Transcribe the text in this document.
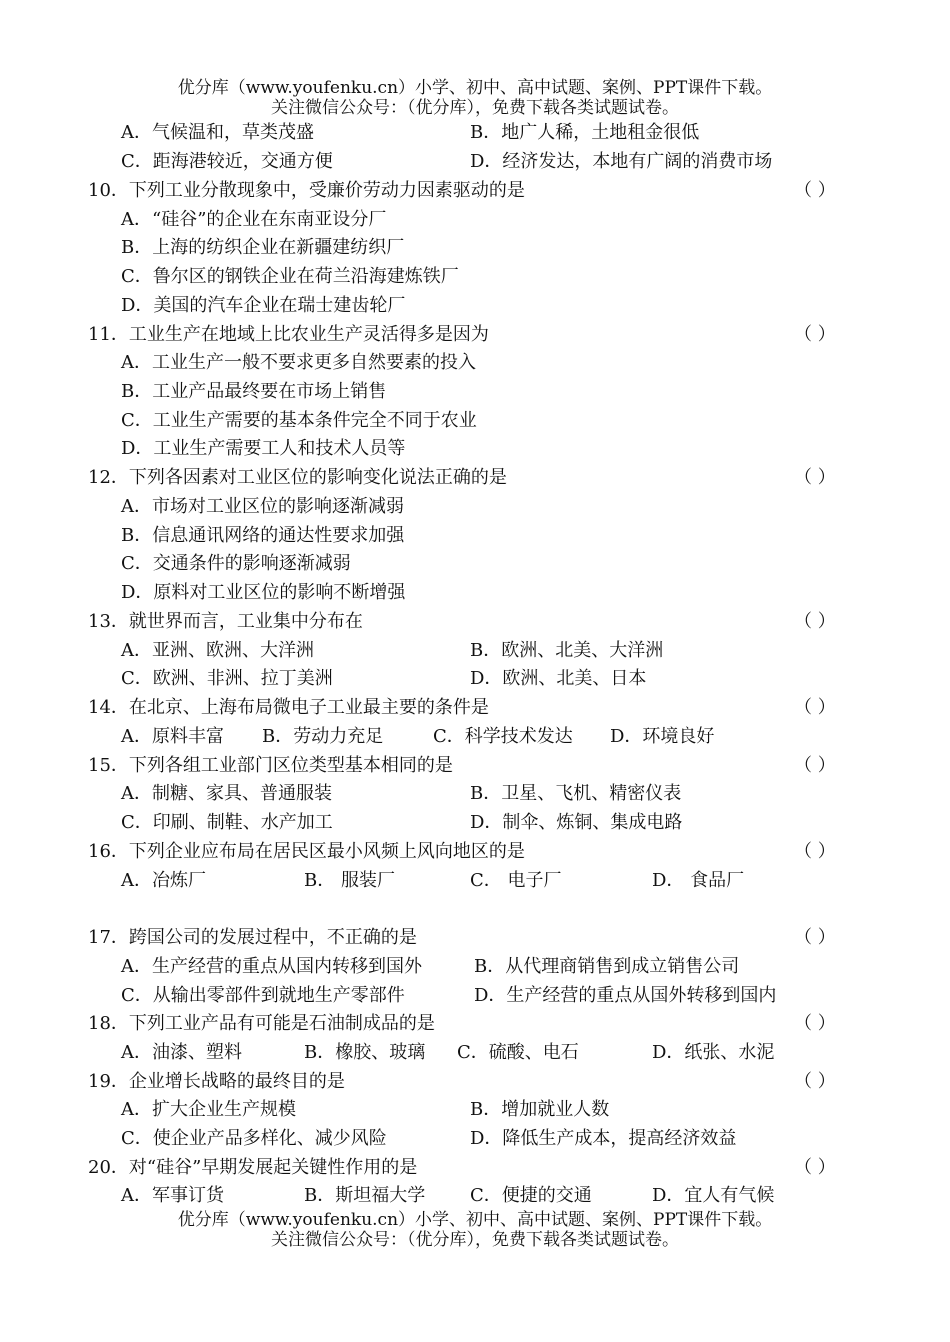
优分库（www.youfenku.cn）小学、初中、高中试题、案例、PPT课件下载。
关注微信公众号：（优分库），免费下载各类试题试卷。
A．气候温和，草类茂盛	B．地广人稀，土地租金很低
C．距海港较近，交通方便	D．经济发达，本地有广阔的消费市场
10．下列工业分散现象中，受廉价劳动力因素驱动的是	（ ）
A．“硅谷”的企业在东南亚设分厂
B．上海的纺织企业在新疆建纺织厂
C．鲁尔区的钢铁企业在荷兰沿海建炼铁厂
D．美国的汽车企业在瑞士建齿轮厂
11．工业生产在地域上比农业生产灵活得多是因为	（ ）
A．工业生产一般不要求更多自然要素的投入
B．工业产品最终要在市场上销售
C．工业生产需要的基本条件完全不同于农业
D．工业生产需要工人和技术人员等
12．下列各因素对工业区位的影响变化说法正确的是	（ ）
A．市场对工业区位的影响逐渐减弱
B．信息通讯网络的通达性要求加强
C．交通条件的影响逐渐减弱
D．原料对工业区位的影响不断增强
13．就世界而言，工业集中分布在	（ ）
A．亚洲、欧洲、大洋洲	B．欧洲、北美、大洋洲
C．欧洲、非洲、拉丁美洲	D．欧洲、北美、日本
14．在北京、上海布局微电子工业最主要的条件是	（ ）
A．原料丰富 B．劳动力充足	C．科学技术发达 D．环境良好
15．下列各组工业部门区位类型基本相同的是	（ ）
A．制糖、家具、普通服装	B．卫星、飞机、精密仪表
C．印刷、制鞋、水产加工	D．制伞、炼铜、集成电路
16．下列企业应布局在居民区最小风频上风向地区的是	（ ）
A．冶炼厂	B． 服装厂	C． 电子厂	D． 食品厂
17．跨国公司的发展过程中，不正确的是	（ ）
A．生产经营的重点从国内转移到国外	B．从代理商销售到成立销售公司
C．从输出零部件到就地生产零部件	D．生产经营的重点从国外转移到国内
18．下列工业产品有可能是石油制成品的是	（ ）
A．油漆、塑料	B．橡胶、玻璃 C．硫酸、电石	D．纸张、水泥
19．企业增长战略的最终目的是	（ ）
A．扩大企业生产规模	B．增加就业人数
C．使企业产品多样化、减少风险	D．降低生产成本，提高经济效益
20．对“硅谷”早期发展起关键性作用的是	（ ）
A．军事订货	B．斯坦福大学 C．便捷的交通	D．宜人有气候
优分库（www.youfenku.cn）小学、初中、高中试题、案例、PPT课件下载。
关注微信公众号：（优分库），免费下载各类试题试卷。
